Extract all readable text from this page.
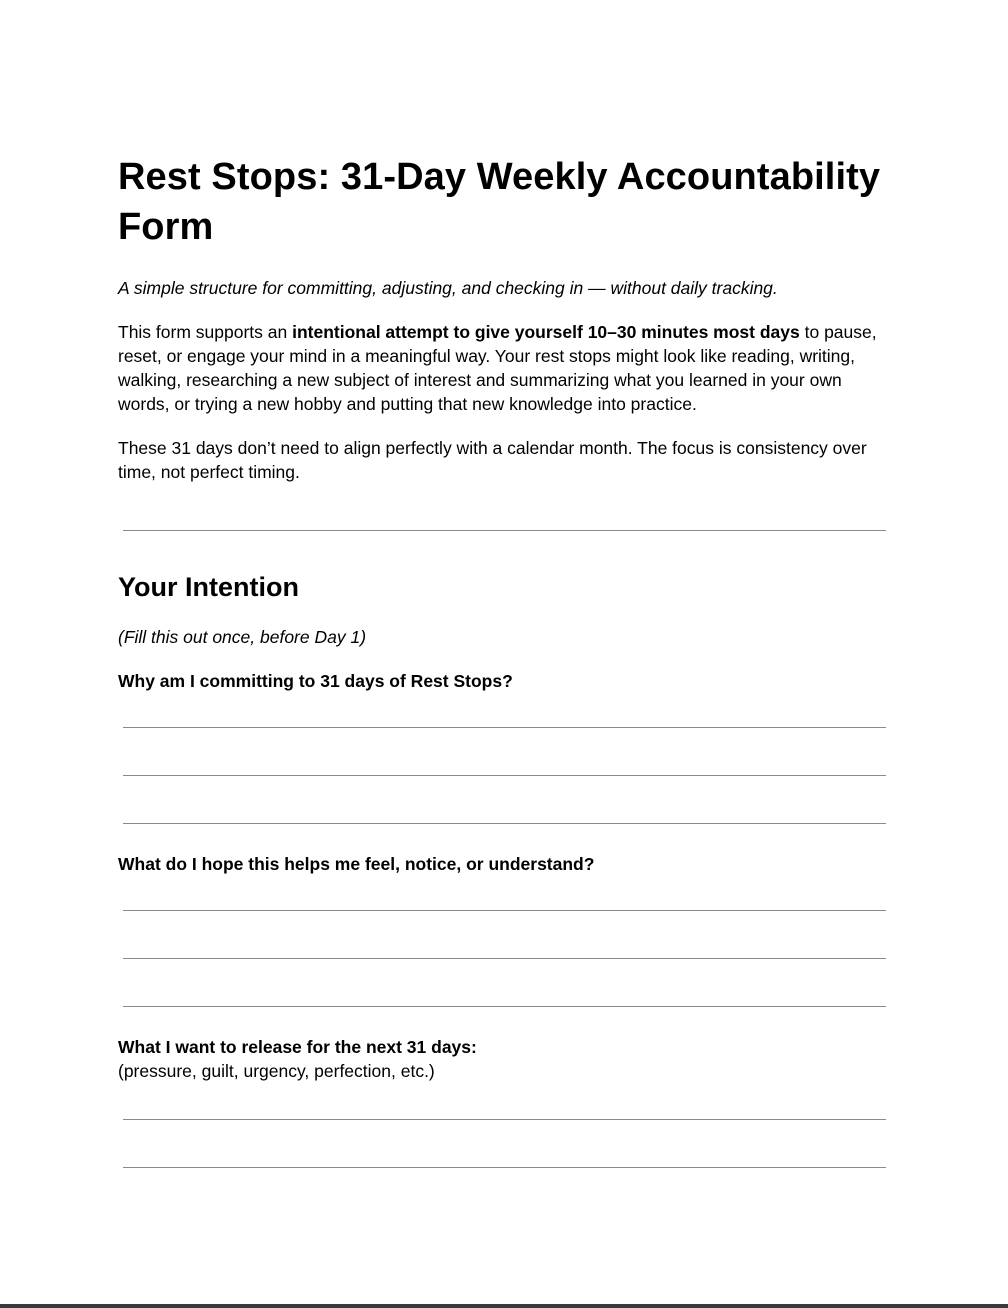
Rest Stops: 31-Day Weekly Accountability Form

A simple structure for committing, adjusting, and checking in — without daily tracking.

This form supports an intentional attempt to give yourself 10–30 minutes most days to pause, reset, or engage your mind in a meaningful way. Your rest stops might look like reading, writing, walking, researching a new subject of interest and summarizing what you learned in your own words, or trying a new hobby and putting that new knowledge into practice.

These 31 days don’t need to align perfectly with a calendar month. The focus is consistency over time, not perfect timing.

Your Intention

(Fill this out once, before Day 1)

Why am I committing to 31 days of Rest Stops?

What do I hope this helps me feel, notice, or understand?

What I want to release for the next 31 days:

(pressure, guilt, urgency, perfection, etc.)
